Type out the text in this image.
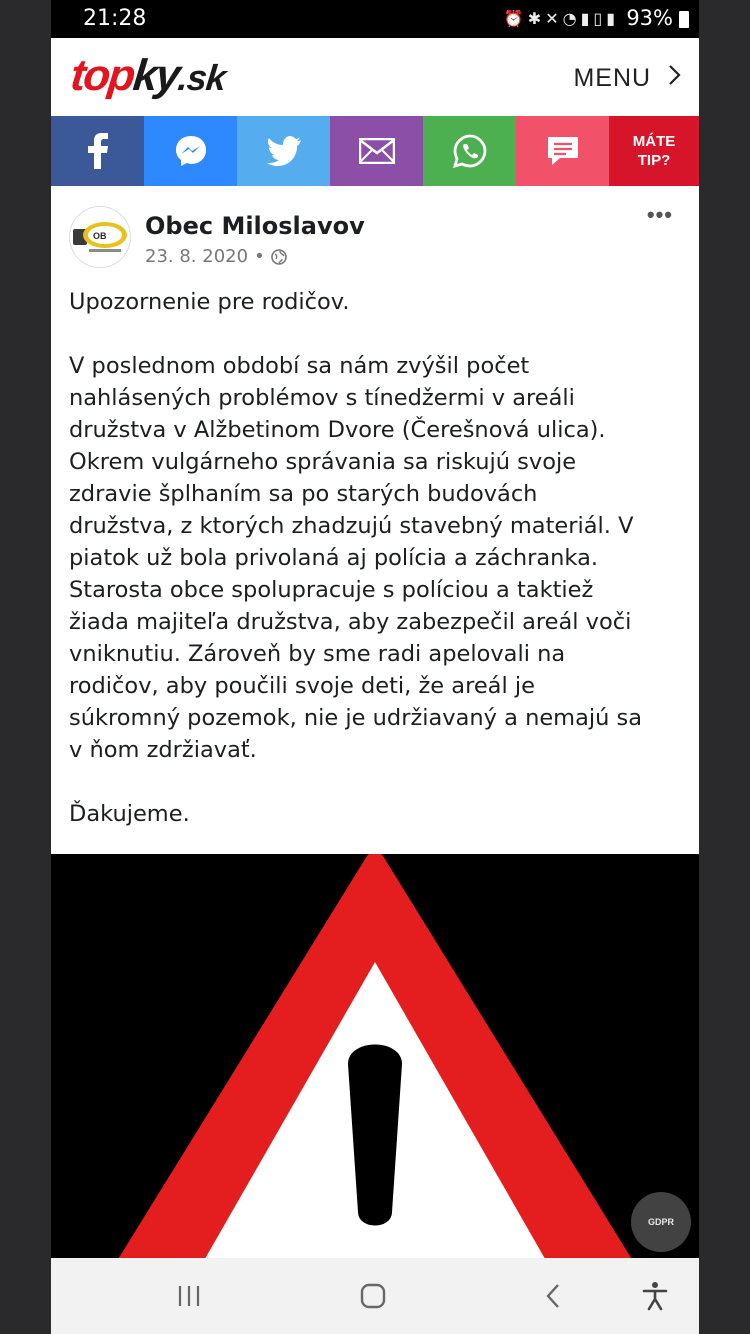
21:28	⏰✱✕◔▮▯▮ 93%
topky.sk	MENU
MÁTE
TIP?
OB Obec Miloslavov
23. 8. 2020 •
•••

Upozornenie pre rodičov.

V poslednom období sa nám zvýšil počet

nahlásených problémov s tínedžermi v areáli

družstva v Alžbetinom Dvore (Čerešnová ulica).

Okrem vulgárneho správania sa riskujú svoje

zdravie šplhaním sa po starých budovách

družstva, z ktorých zhadzujú stavebný materiál. V

piatok už bola privolaná aj polícia a záchranka.

Starosta obce spolupracuje s políciou a taktiež

žiada majiteľa družstva, aby zabezpečil areál voči

vniknutiu. Zároveň by sme radi apelovali na

rodičov, aby poučili svoje deti, že areál je

súkromný pozemok, nie je udržiavaný a nemajú sa

v ňom zdržiavať.

Ďakujeme.

GDPR
